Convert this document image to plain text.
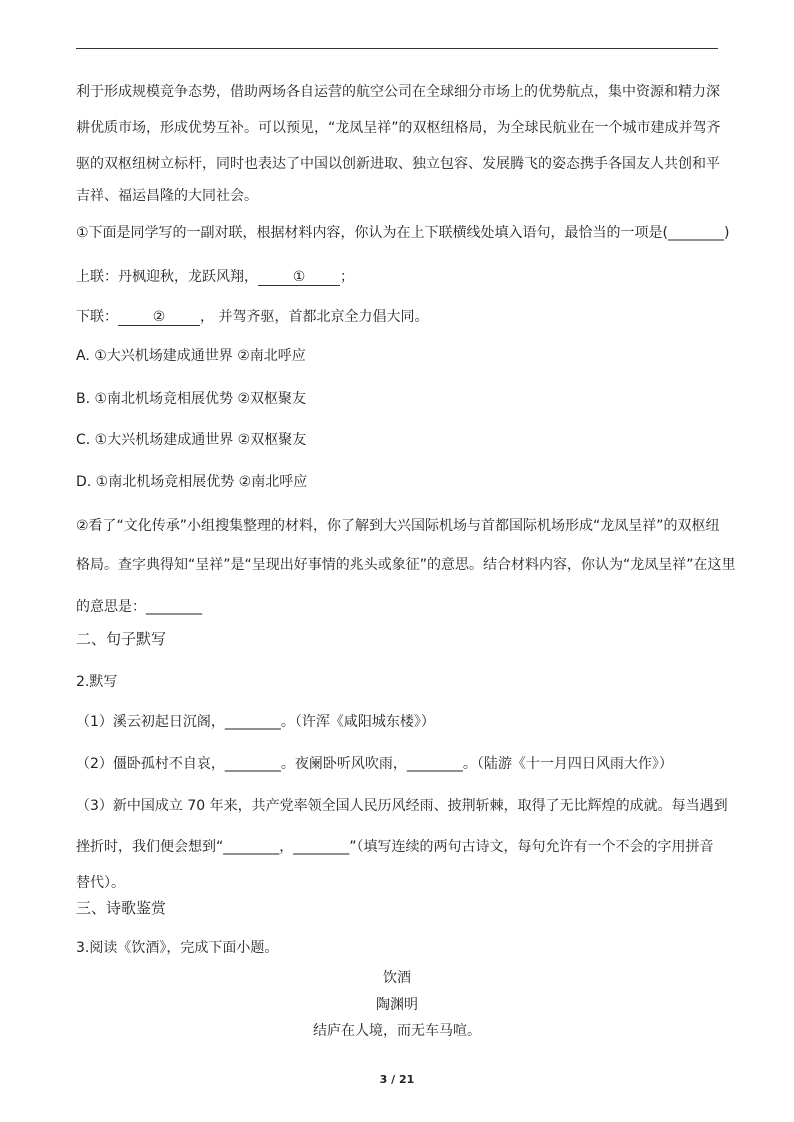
利于形成规模竞争态势，借助两场各自运营的航空公司在全球细分市场上的优势航点，集中资源和精力深
耕优质市场，形成优势互补。可以预见，“龙凤呈祥”的双枢纽格局，为全球民航业在一个城市建成并驾齐
驱的双枢纽树立标杆，同时也表达了中国以创新进取、独立包容、发展腾飞的姿态携手各国友人共创和平
吉祥、福运昌隆的大同社会。
①下面是同学写的一副对联，根据材料内容，你认为在上下联横线处填入语句，最恰当的一项是(________)
上联：丹枫迎秋，龙跃风翔， ① ；
下联： ② ， 并驾齐驱，首都北京全力倡大同。
A. ①大兴机场建成通世界 ②南北呼应
B. ①南北机场竞相展优势 ②双枢聚友
C. ①大兴机场建成通世界 ②双枢聚友
D. ①南北机场竞相展优势 ②南北呼应
②看了“文化传承”小组搜集整理的材料，你了解到大兴国际机场与首都国际机场形成“龙凤呈祥”的双枢纽
格局。查字典得知“呈祥”是“呈现出好事情的兆头或象征”的意思。结合材料内容，你认为“龙凤呈祥”在这里
的意思是：________
二、句子默写
2.默写
（1）溪云初起日沉阁，________。（许浑《咸阳城东楼》）
（2）僵卧孤村不自哀，________。夜阑卧听风吹雨，________。（陆游《十一月四日风雨大作》）
（3）新中国成立 70 年来，共产党率领全国人民历风经雨、披荆斩棘，取得了无比辉煌的成就。每当遇到
挫折时，我们便会想到“________，________”（填写连续的两句古诗文，每句允许有一个不会的字用拼音
替代）。
三、诗歌鉴赏
3.阅读《饮酒》，完成下面小题。
饮酒
陶渊明
结庐在人境，而无车马喧。
3 / 21
